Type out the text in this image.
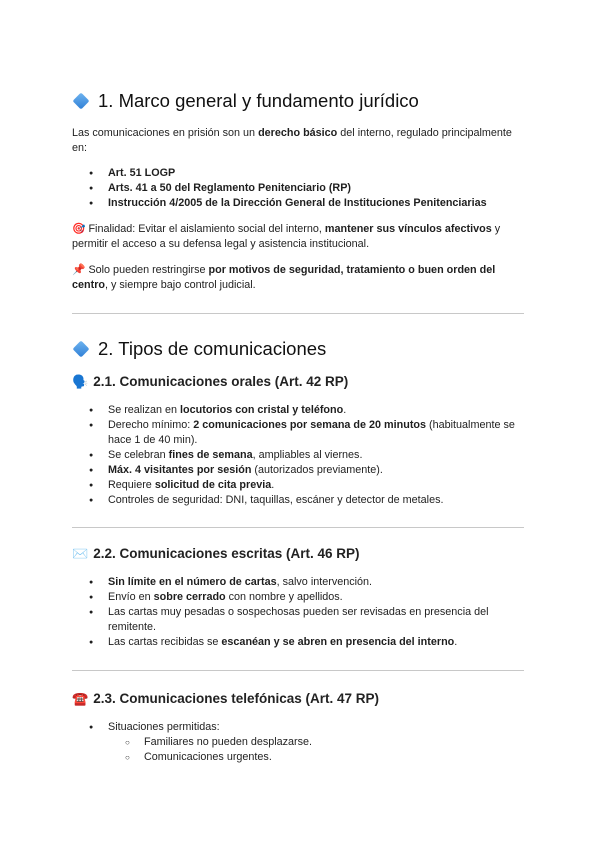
1. Marco general y fundamento jurídico

Las comunicaciones en prisión son un derecho básico del interno, regulado principalmente en:

● Art. 51 LOGP
● Arts. 41 a 50 del Reglamento Penitenciario (RP)
● Instrucción 4/2005 de la Dirección General de Instituciones Penitenciarias

🎯 Finalidad: Evitar el aislamiento social del interno, mantener sus vínculos afectivos y permitir el acceso a su defensa legal y asistencia institucional.

📌 Solo pueden restringirse por motivos de seguridad, tratamiento o buen orden del centro, y siempre bajo control judicial.

2. Tipos de comunicaciones
🗣️ 2.1. Comunicaciones orales (Art. 42 RP)
● Se realizan en locutorios con cristal y teléfono.
● Derecho mínimo: 2 comunicaciones por semana de 20 minutos (habitualmente se hace 1 de 40 min).
● Se celebran fines de semana, ampliables al viernes.
● Máx. 4 visitantes por sesión (autorizados previamente).
● Requiere solicitud de cita previa.
● Controles de seguridad: DNI, taquillas, escáner y detector de metales.
✉️ 2.2. Comunicaciones escritas (Art. 46 RP)
● Sin límite en el número de cartas, salvo intervención.
● Envío en sobre cerrado con nombre y apellidos.
● Las cartas muy pesadas o sospechosas pueden ser revisadas en presencia del remitente.
● Las cartas recibidas se escanéan y se abren en presencia del interno.
☎️ 2.3. Comunicaciones telefónicas (Art. 47 RP)
● Situaciones permitidas:
○ Familiares no pueden desplazarse.
○ Comunicaciones urgentes.
